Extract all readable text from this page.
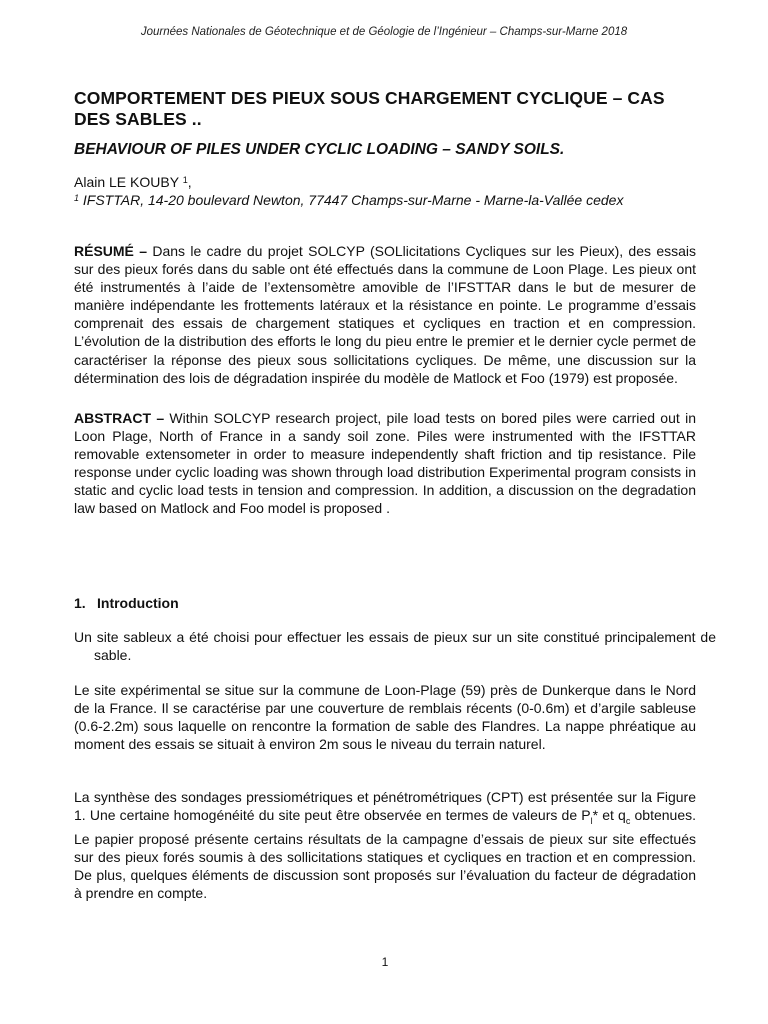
Journées Nationales de Géotechnique et de Géologie de l’Ingénieur – Champs-sur-Marne 2018
COMPORTEMENT DES PIEUX SOUS CHARGEMENT CYCLIQUE – CAS DES SABLES ..
BEHAVIOUR OF PILES UNDER CYCLIC LOADING – SANDY SOILS.
Alain LE KOUBY $^1$,
$^1$ IFSTTAR, 14-20 boulevard Newton, 77447 Champs-sur-Marne - Marne-la-Vallée cedex
RÉSUMÉ – Dans le cadre du projet SOLCYP (SOLlicitations Cycliques sur les Pieux), des essais sur des pieux forés dans du sable ont été effectués dans la commune de Loon Plage. Les pieux ont été instrumentés à l’aide de l’extensomètre amovible de l’IFSTTAR dans le but de mesurer de manière indépendante les frottements latéraux et la résistance en pointe. Le programme d’essais comprenait des essais de chargement statiques et cycliques en traction et en compression. L’évolution de la distribution des efforts le long du pieu entre le premier et le dernier cycle permet de caractériser la réponse des pieux sous sollicitations cycliques. De même, une discussion sur la détermination des lois de dégradation inspirée du modèle de Matlock et Foo (1979) est proposée.
ABSTRACT – Within SOLCYP research project, pile load tests on bored piles were carried out in Loon Plage, North of France in a sandy soil zone. Piles were instrumented with the IFSTTAR removable extensometer in order to measure independently shaft friction and tip resistance. Pile response under cyclic loading was shown through load distribution Experimental program consists in static and cyclic load tests in tension and compression. In addition, a discussion on the degradation law based on Matlock and Foo model is proposed .
1. Introduction
Un site sableux a été choisi pour effectuer les essais de pieux sur un site constitué principalement de sable.
Le site expérimental se situe sur la commune de Loon-Plage (59) près de Dunkerque dans le Nord de la France. Il se caractérise par une couverture de remblais récents (0-0.6m) et d’argile sableuse (0.6-2.2m) sous laquelle on rencontre la formation de sable des Flandres. La nappe phréatique au moment des essais se situait à environ 2m sous le niveau du terrain naturel.
La synthèse des sondages pressiométriques et pénétrométriques (CPT) est présentée sur la Figure 1. Une certaine homogénéité du site peut être observée en termes de valeurs de $P_l*$ et $q_c$ obtenues. Le papier proposé présente certains résultats de la campagne d’essais de pieux sur site effectués sur des pieux forés soumis à des sollicitations statiques et cycliques en traction et en compression. De plus, quelques éléments de discussion sont proposés sur l’évaluation du facteur de dégradation à prendre en compte.
1
